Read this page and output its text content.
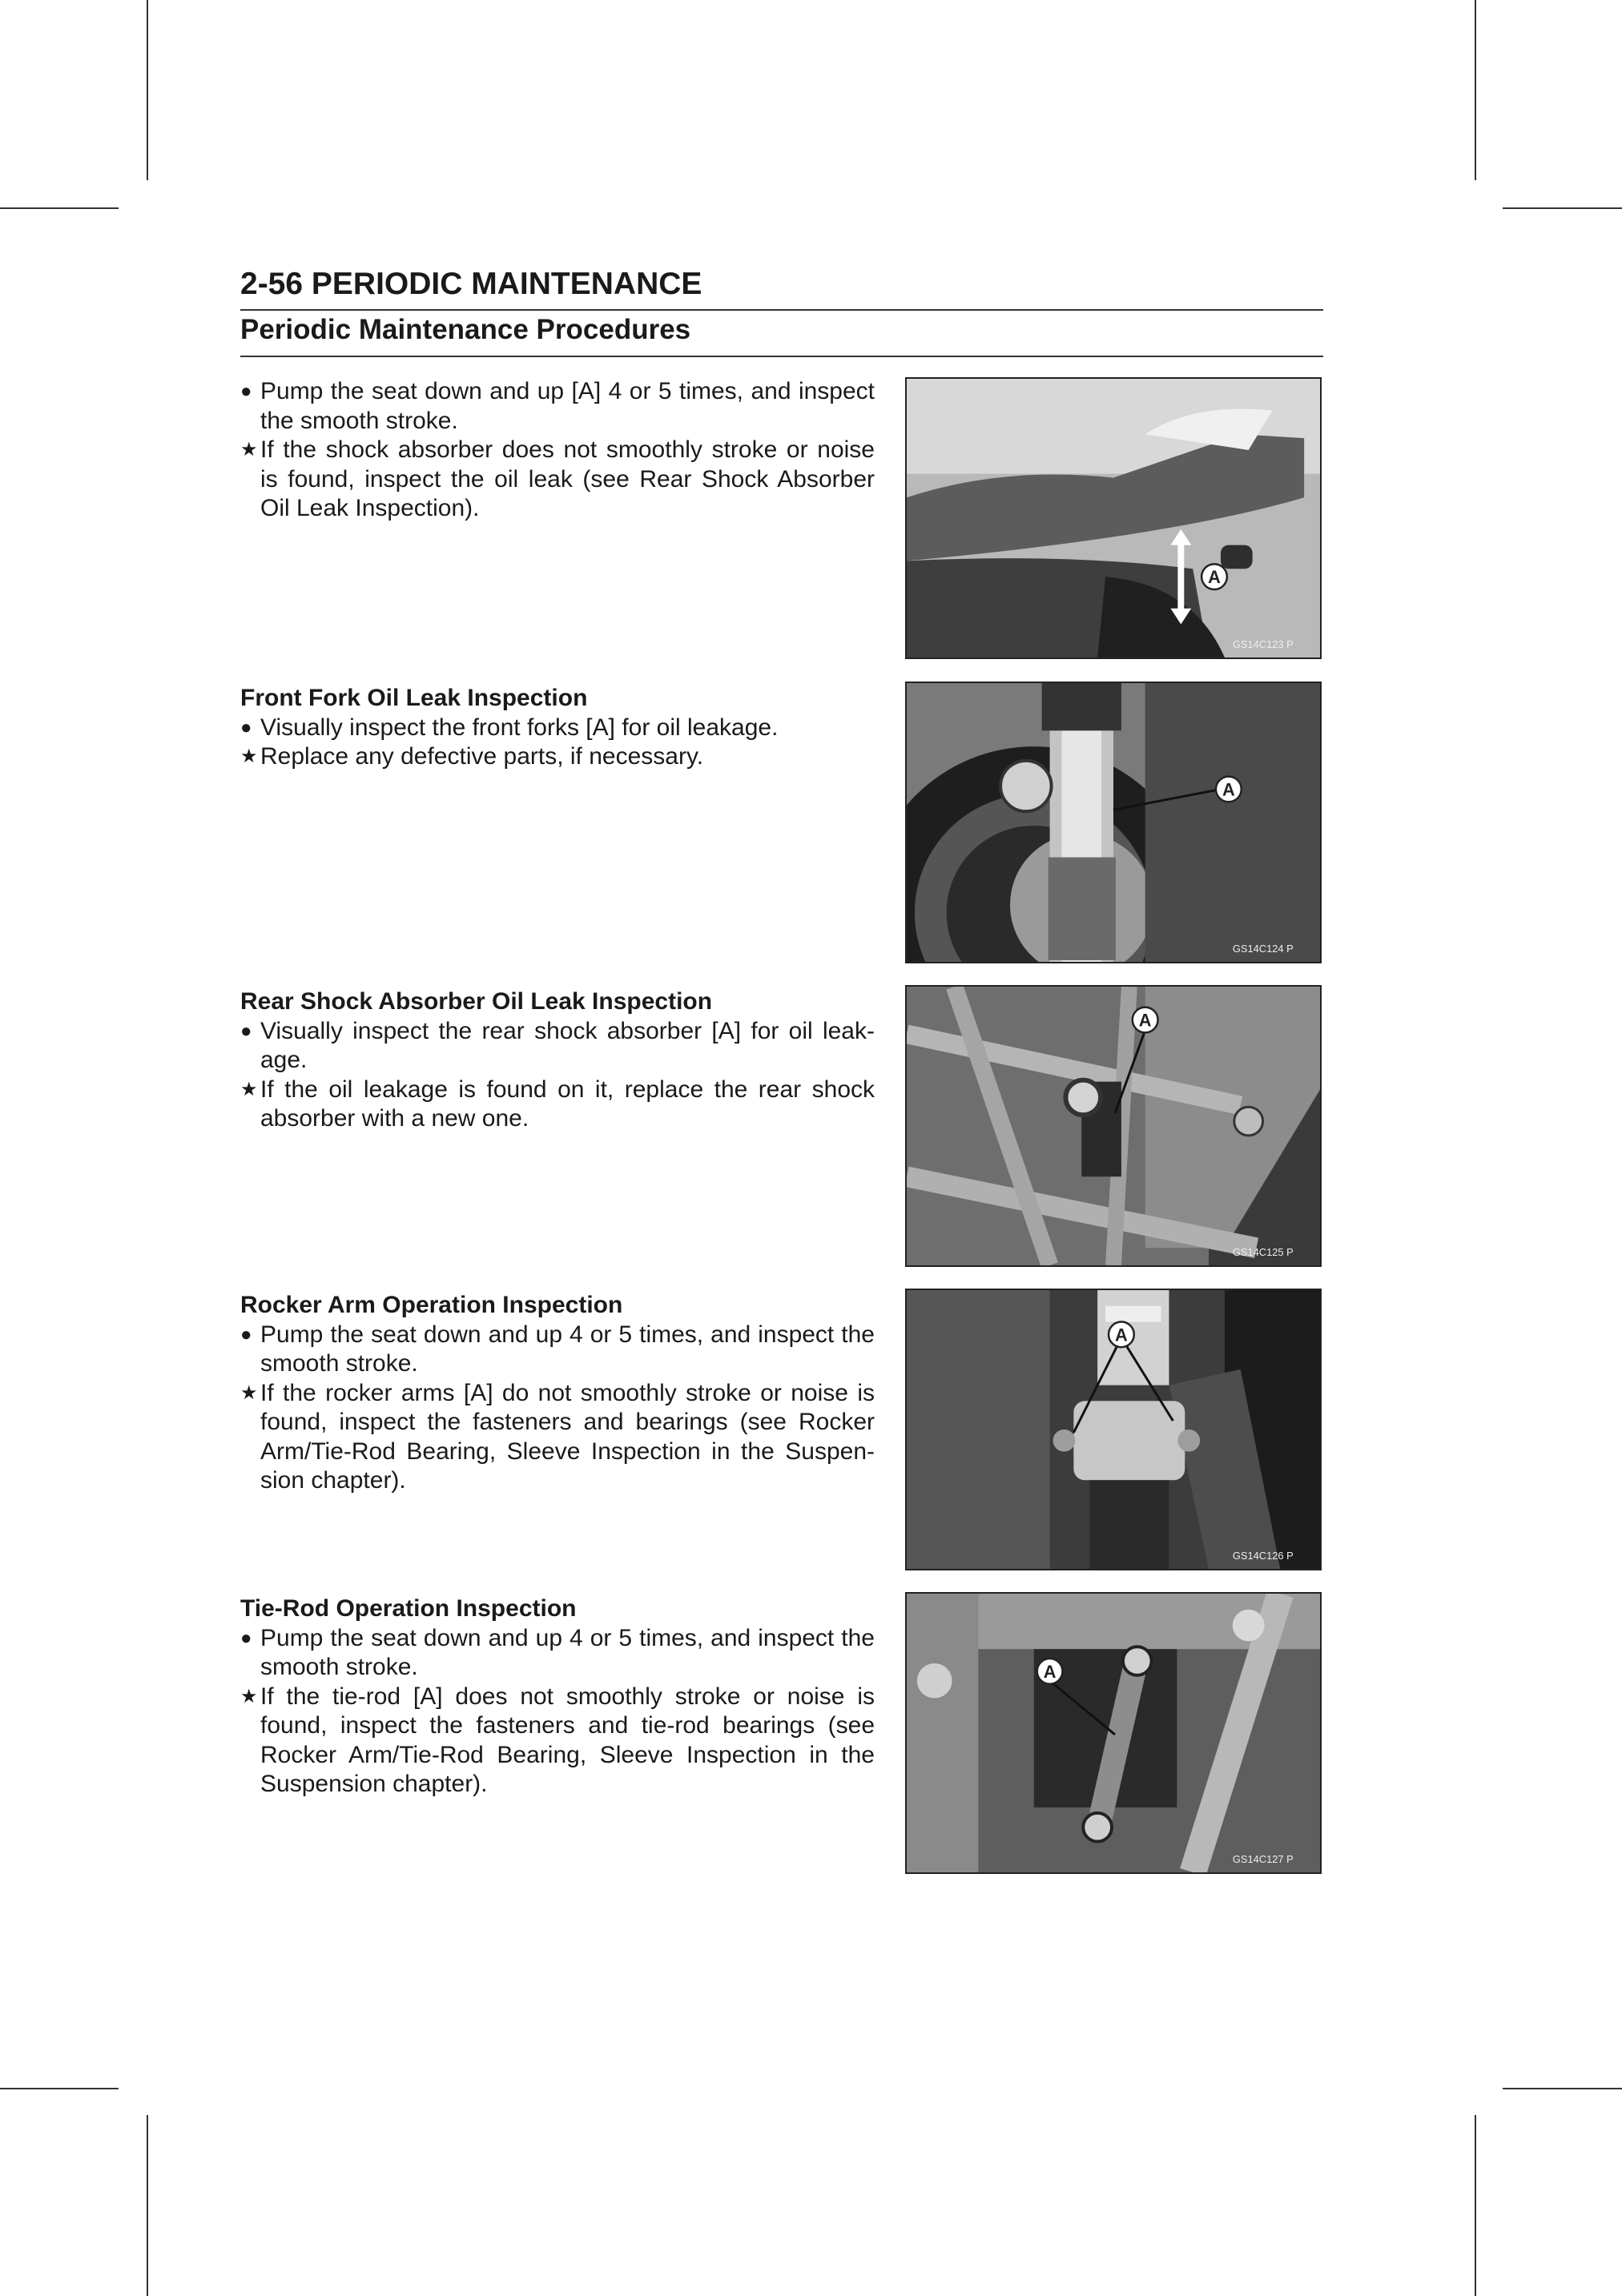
2-56 PERIODIC MAINTENANCE
Periodic Maintenance Procedures
● Pump the seat down and up [A] 4 or 5 times, and inspect the smooth stroke.
★ If the shock absorber does not smoothly stroke or noise is found, inspect the oil leak (see Rear Shock Absorber Oil Leak Inspection).
A
GS14C123 P
Front Fork Oil Leak Inspection
● Visually inspect the front forks [A] for oil leakage.
★ Replace any defective parts, if necessary.
A
GS14C124 P
Rear Shock Absorber Oil Leak Inspection
● Visually inspect the rear shock absorber [A] for oil leak-age.
★ If the oil leakage is found on it, replace the rear shock absorber with a new one.
A
GS14C125 P
Rocker Arm Operation Inspection
● Pump the seat down and up 4 or 5 times, and inspect the smooth stroke.
★ If the rocker arms [A] do not smoothly stroke or noise is found, inspect the fasteners and bearings (see Rocker Arm/Tie-Rod Bearing, Sleeve Inspection in the Suspen-sion chapter).
A
GS14C126 P
Tie-Rod Operation Inspection
● Pump the seat down and up 4 or 5 times, and inspect the smooth stroke.
★ If the tie-rod [A] does not smoothly stroke or noise is found, inspect the fasteners and tie-rod bearings (see Rocker Arm/Tie-Rod Bearing, Sleeve Inspection in the Suspension chapter).
A
GS14C127 P
